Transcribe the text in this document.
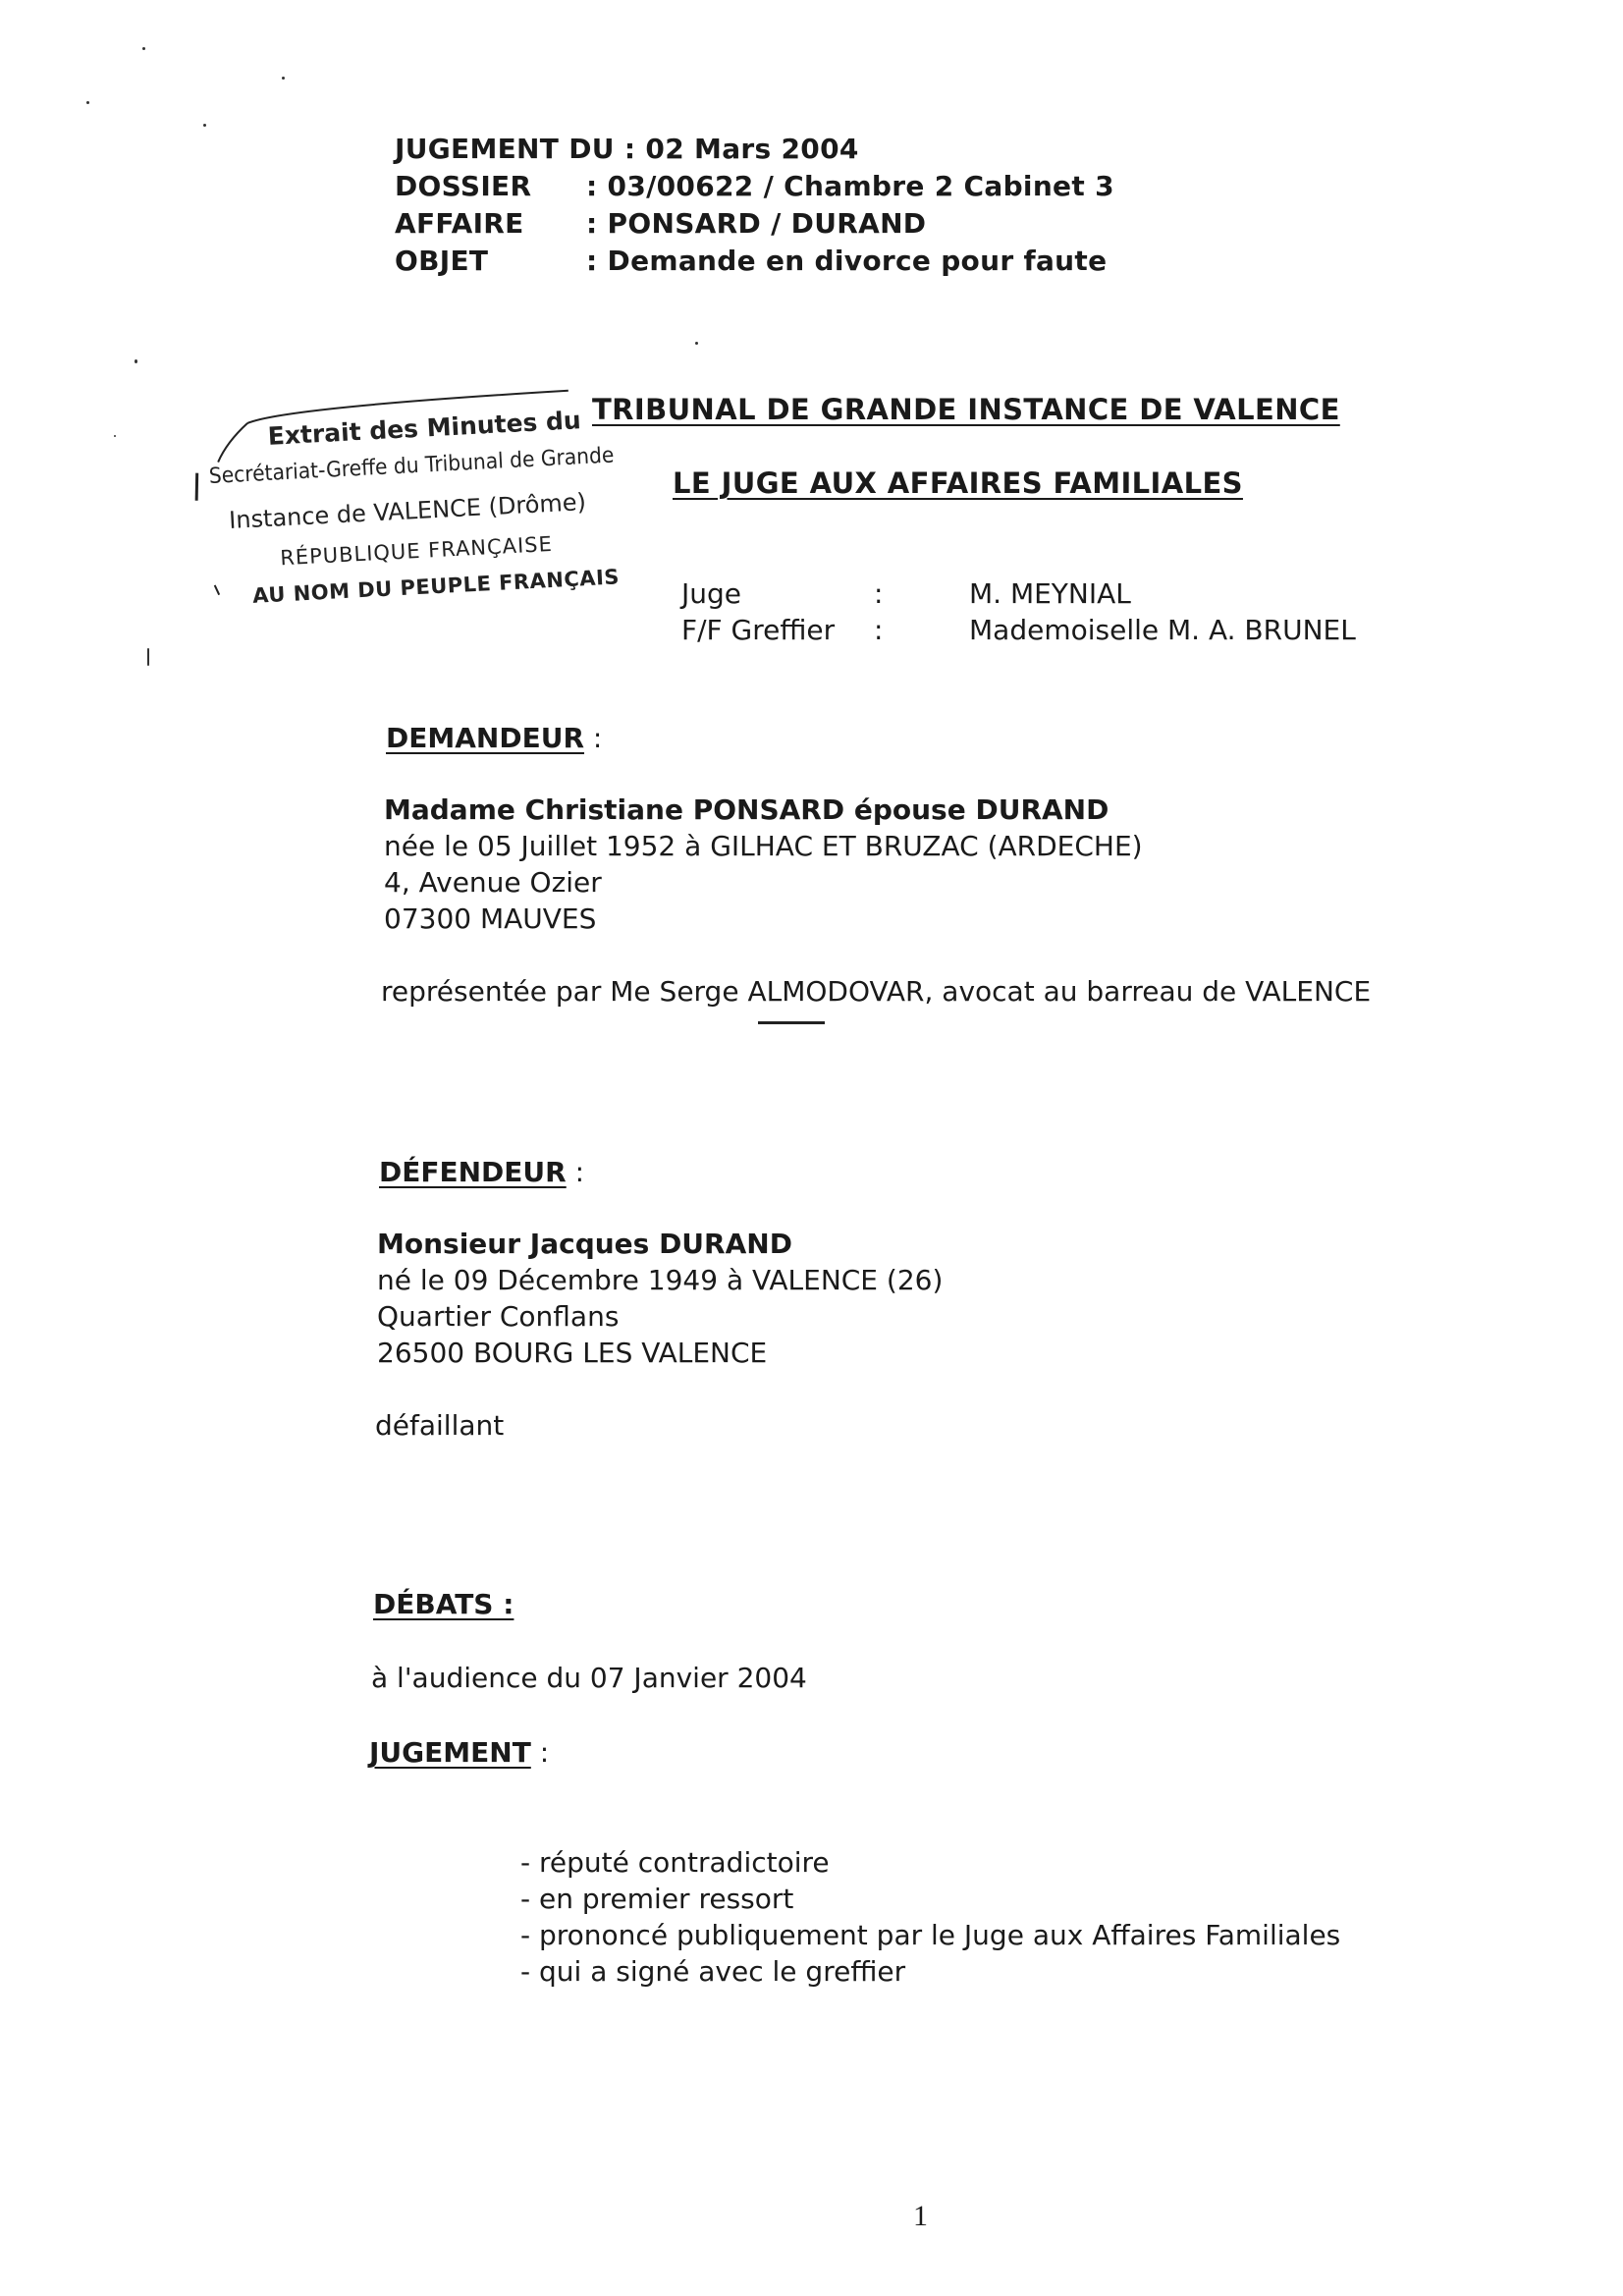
JUGEMENT DU : 02 Mars 2004
DOSSIER : 03/00622 / Chambre 2 Cabinet 3
AFFAIRE : PONSARD / DURAND
OBJET	: Demande en divorce pour faute
Extrait des Minutes du
Secrétariat-Greffe du Tribunal de Grande
Instance de VALENCE (Drôme)
RÉPUBLIQUE FRANÇAISE
AU NOM DU PEUPLE FRANÇAIS
TRIBUNAL DE GRANDE INSTANCE DE VALENCE
LE JUGE AUX AFFAIRES FAMILIALES
Juge	:	M. MEYNIAL
F/F Greffier :	Mademoiselle M. A. BRUNEL
DEMANDEUR :
Madame Christiane PONSARD épouse DURAND
née le 05 Juillet 1952 à GILHAC ET BRUZAC (ARDECHE)
4, Avenue Ozier
07300 MAUVES
représentée par Me Serge ALMODOVAR, avocat au barreau de VALENCE
DÉFENDEUR :
Monsieur Jacques DURAND
né le 09 Décembre 1949 à VALENCE (26)
Quartier Conflans
26500 BOURG LES VALENCE
défaillant
DÉBATS :
à l'audience du 07 Janvier 2004
JUGEMENT :
- réputé contradictoire
- en premier ressort
- prononcé publiquement par le Juge aux Affaires Familiales
- qui a signé avec le greffier
1
